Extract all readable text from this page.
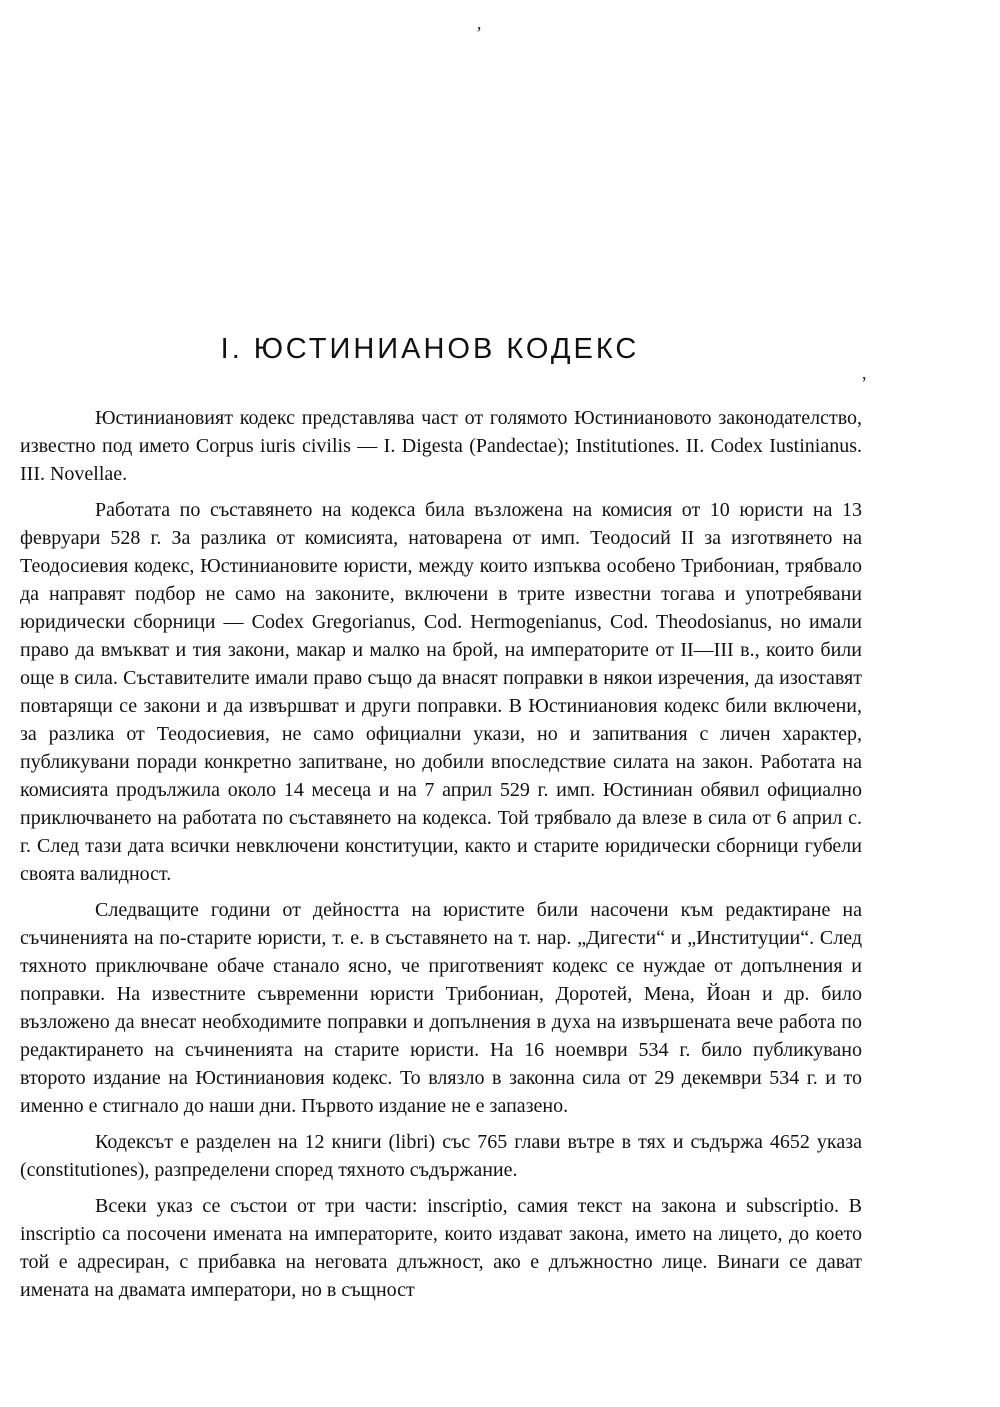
ʼ
,
I. ЮСТИНИАНОВ КОДЕКС

Юстиниановият кодекс представлява част от голямото Юстиниановото законодателство, известно под името Corpus iuris civilis — I. Digesta (Pandectae); Institutiones. II. Codex Iustinianus. III. Novellae.

Работата по съставянето на кодекса била възложена на комисия от 10 юристи на 13 февруари 528 г. За разлика от комисията, натоварена от имп. Теодосий II за изготвянето на Теодосиевия кодекс, Юстиниановите юристи, между които изпъква особено Трибониан, трябвало да направят подбор не само на законите, включени в трите известни тогава и употребявани юридически сборници — Codex Gregorianus, Cod. Hermogenianus, Cod. Theodosianus, но имали право да вмъкват и тия закони, макар и малко на брой, на императорите от II—III в., които били още в сила. Съставителите имали право също да внасят поправки в някои изречения, да изоставят повтарящи се закони и да извършват и други поправки. В Юстиниановия кодекс били включени, за разлика от Теодосиевия, не само официални укази, но и запитвания с личен характер, публикувани поради конкретно запитване, но добили впоследствие силата на закон. Работата на комисията продължила около 14 месеца и на 7 април 529 г. имп. Юстиниан обявил официално приключването на работата по съставянето на кодекса. Той трябвало да влезе в сила от 6 април с. г. След тази дата всички невключени конституции, както и старите юридически сборници губели своята валидност.

Следващите години от дейността на юристите били насочени към редактиране на съчиненията на по-старите юристи, т. е. в съставянето на т. нар. „Дигести“ и „Институции“. След тяхното приключване обаче станало ясно, че приготвеният кодекс се нуждае от допълнения и поправки. На известните съвременни юристи Трибониан, Доротей, Мена, Йоан и др. било възложено да внесат необходимите поправки и допълнения в духа на извършената вече работа по редактирането на съчиненията на старите юристи. На 16 ноември 534 г. било публикувано второто издание на Юстиниановия кодекс. То влязло в законна сила от 29 декември 534 г. и то именно е стигнало до наши дни. Първото издание не е запазено.

Кодексът е разделен на 12 книги (libri) със 765 глави вътре в тях и съдържа 4652 указа (constitutiones), разпределени според тяхното съдържание.

Всеки указ се състои от три части: inscriptio, самия текст на закона и subscriptio. В inscriptio са посочени имената на императорите, които издават закона, името на лицето, до което той е адресиран, с прибавка на неговата длъжност, ако е длъжностно лице. Винаги се дават имената на двамата императори, но в същност
